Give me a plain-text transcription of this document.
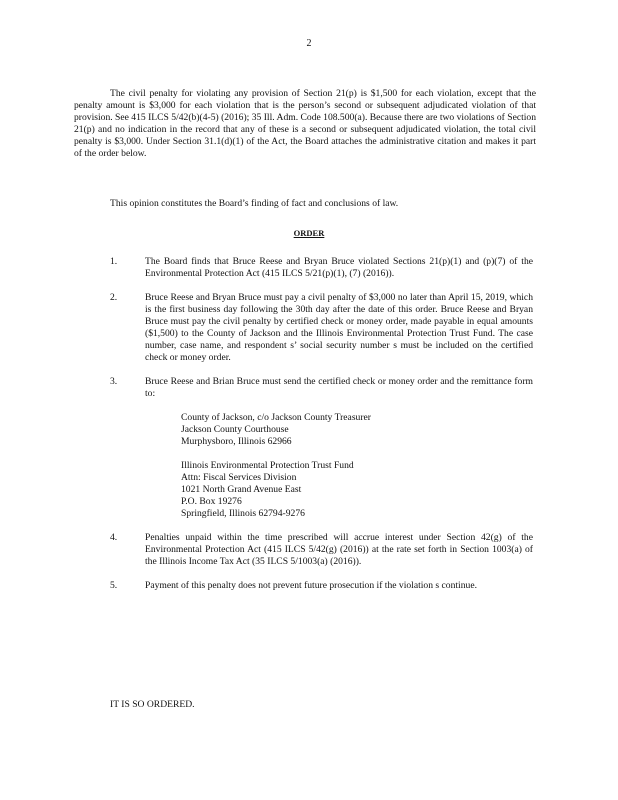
2

The civil penalty for violating any provision of Section 21(p) is $1,500 for each violation, except that the penalty amount is $3,000 for each violation that is the person’s second or subsequent adjudicated violation of that provision. See 415 ILCS 5/42(b)(4-5) (2016); 35 Ill. Adm. Code 108.500(a). Because there are two violations of Section 21(p) and no indication in the record that any of these is a second or subsequent adjudicated violation, the total civil penalty is $3,000. Under Section 31.1(d)(1) of the Act, the Board attaches the administrative citation and makes it part of the order below.

This opinion constitutes the Board’s finding of fact and conclusions of law.

ORDER
1.	The Board finds that Bruce Reese and Bryan Bruce violated Sections 21(p)(1) and (p)(7) of the Environmental Protection Act (415 ILCS 5/21(p)(1), (7) (2016)).
2.	Bruce Reese and Bryan Bruce must pay a civil penalty of $3,000 no later than April 15, 2019, which is the first business day following the 30th day after the date of this order. Bruce Reese and Bryan Bruce must pay the civil penalty by certified check or money order, made payable in equal amounts ($1,500) to the County of Jackson and the Illinois Environmental Protection Trust Fund. The case number, case name, and respondent s’ social security number s must be included on the certified check or money order.
3.	Bruce Reese and Brian Bruce must send the certified check or money order and the remittance form to:
County of Jackson, c/o Jackson County Treasurer
Jackson County Courthouse
Murphysboro, Illinois 62966
Illinois Environmental Protection Trust Fund
Attn: Fiscal Services Division
1021 North Grand Avenue East
P.O. Box 19276
Springfield, Illinois 62794-9276
4.	Penalties unpaid within the time prescribed will accrue interest under Section 42(g) of the Environmental Protection Act (415 ILCS 5/42(g) (2016)) at the rate set forth in Section 1003(a) of the Illinois Income Tax Act (35 ILCS 5/1003(a) (2016)).
5.	Payment of this penalty does not prevent future prosecution if the violation s continue.
IT IS SO ORDERED.
